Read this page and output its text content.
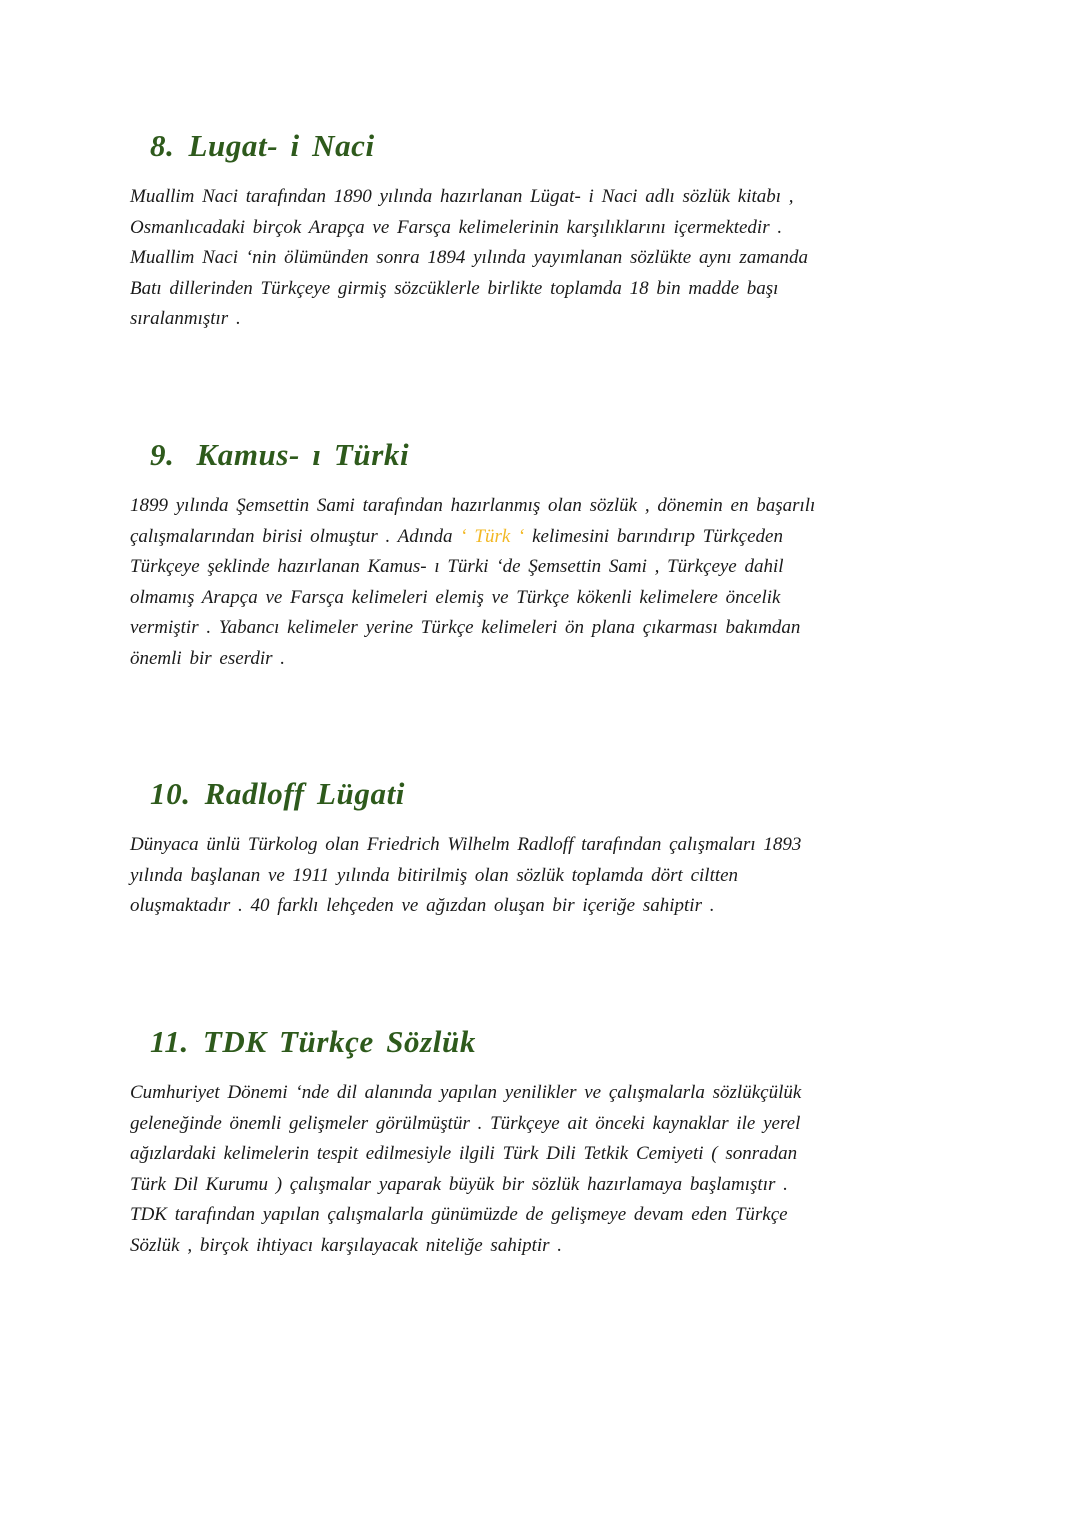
8. Lugat- i Naci

Muallim Naci tarafından 1890 yılında hazırlanan Lügat- i Naci adlı sözlük kitabı ,
Osmanlıcadaki birçok Arapça ve Farsça kelimelerinin karşılıklarını içermektedir .
Muallim Naci ‘nin ölümünden sonra 1894 yılında yayımlanan sözlükte aynı zamanda
Batı dillerinden Türkçeye girmiş sözcüklerle birlikte toplamda 18 bin madde başı
sıralanmıştır .

9. Kamus- ı Türki

1899 yılında Şemsettin Sami tarafından hazırlanmış olan sözlük , dönemin en başarılı
çalışmalarından birisi olmuştur . Adında ‘ Türk ‘ kelimesini barındırıp Türkçeden
Türkçeye şeklinde hazırlanan Kamus- ı Türki ‘de Şemsettin Sami , Türkçeye dahil
olmamış Arapça ve Farsça kelimeleri elemiş ve Türkçe kökenli kelimelere öncelik
vermiştir . Yabancı kelimeler yerine Türkçe kelimeleri ön plana çıkarması bakımdan
önemli bir eserdir .

10. Radloff Lügati

Dünyaca ünlü Türkolog olan Friedrich Wilhelm Radloff tarafından çalışmaları 1893
yılında başlanan ve 1911 yılında bitirilmiş olan sözlük toplamda dört ciltten
oluşmaktadır . 40 farklı lehçeden ve ağızdan oluşan bir içeriğe sahiptir .

11. TDK Türkçe Sözlük

Cumhuriyet Dönemi ‘nde dil alanında yapılan yenilikler ve çalışmalarla sözlükçülük
geleneğinde önemli gelişmeler görülmüştür . Türkçeye ait önceki kaynaklar ile yerel
ağızlardaki kelimelerin tespit edilmesiyle ilgili Türk Dili Tetkik Cemiyeti ( sonradan
Türk Dil Kurumu ) çalışmalar yaparak büyük bir sözlük hazırlamaya başlamıştır .
TDK tarafından yapılan çalışmalarla günümüzde de gelişmeye devam eden Türkçe
Sözlük , birçok ihtiyacı karşılayacak niteliğe sahiptir .
